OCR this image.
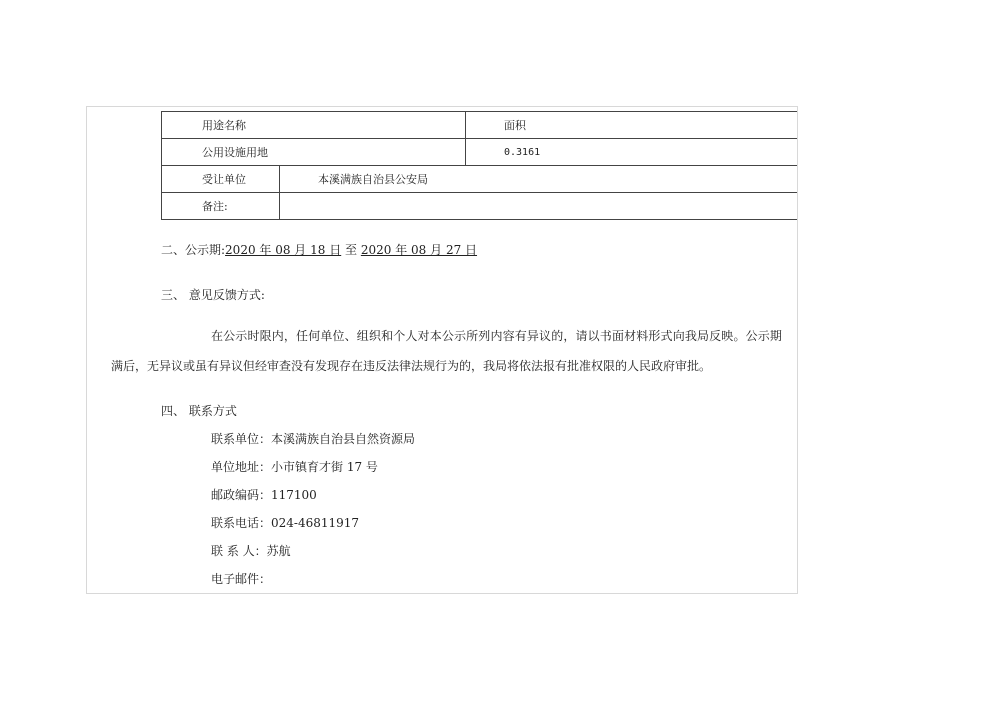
用途名称		面积
公用设施用地		0.3161
受让单位	本溪满族自治县公安局	
备注:		
二、公示期:2020 年 08 月 18 日 至 2020 年 08 月 27 日
三、 意见反馈方式:
在公示时限内，任何单位、组织和个人对本公示所列内容有异议的，请以书面材料形式向我局反映。公示期
满后，无异议或虽有异议但经审查没有发现存在违反法律法规行为的，我局将依法报有批准权限的人民政府审批。
四、 联系方式
联系单位：本溪满族自治县自然资源局
单位地址：小市镇育才街 17 号
邮政编码：117100
联系电话：024-46811917
联 系 人：苏航
电子邮件：
